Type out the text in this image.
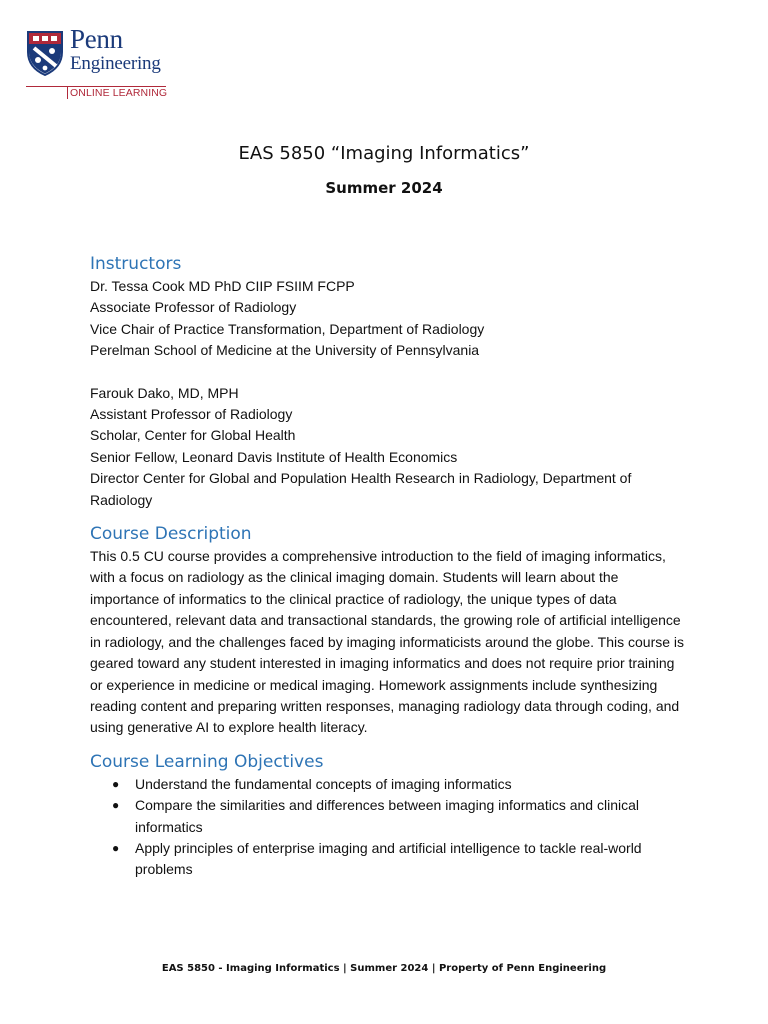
Penn
Engineering
ONLINE LEARNING
EAS 5850 “Imaging Informatics”
Summer 2024
Instructors

Dr. Tessa Cook MD PhD CIIP FSIIM FCPP

Associate Professor of Radiology

Vice Chair of Practice Transformation, Department of Radiology

Perelman School of Medicine at the University of Pennsylvania

Farouk Dako, MD, MPH

Assistant Professor of Radiology

Scholar, Center for Global Health

Senior Fellow, Leonard Davis Institute of Health Economics

Director Center for Global and Population Health Research in Radiology, Department of

Radiology

Course Description

This 0.5 CU course provides a comprehensive introduction to the field of imaging informatics, with a focus on radiology as the clinical imaging domain. Students will learn about the importance of informatics to the clinical practice of radiology, the unique types of data encountered, relevant data and transactional standards, the growing role of artificial intelligence in radiology, and the challenges faced by imaging informaticists around the globe. This course is geared toward any student interested in imaging informatics and does not require prior training or experience in medicine or medical imaging. Homework assignments include synthesizing reading content and preparing written responses, managing radiology data through coding, and using generative AI to explore health literacy.

Course Learning Objectives
● Understand the fundamental concepts of imaging informatics
● Compare the similarities and differences between imaging informatics and clinical informatics
● Apply principles of enterprise imaging and artificial intelligence to tackle real-world problems
EAS 5850 - Imaging Informatics | Summer 2024 | Property of Penn Engineering
